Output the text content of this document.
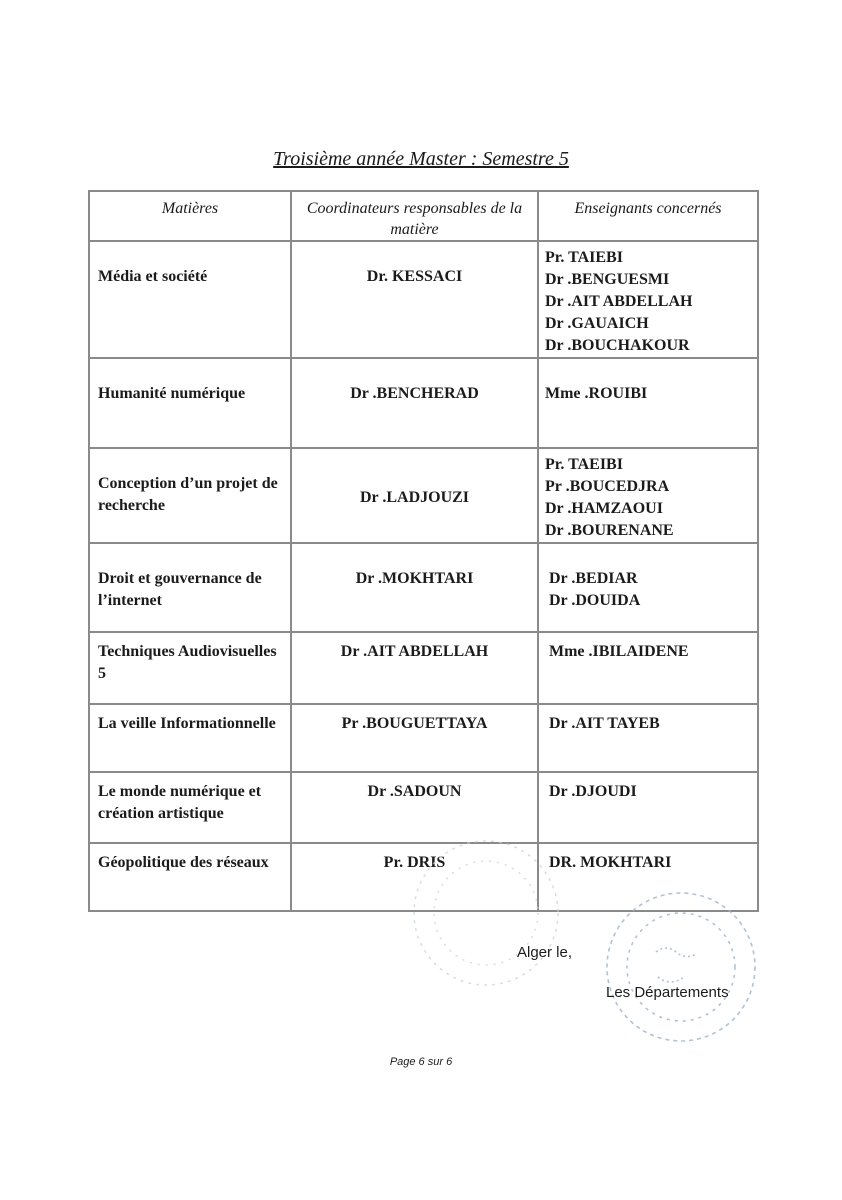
Troisième année Master : Semestre 5
Matières	Coordinateurs responsables de la matière	Enseignants concernés
Média et société	Dr. KESSACI	Pr. TAIEBI
Dr .BENGUESMI
Dr .AIT ABDELLAH
Dr .GAUAICH
Dr .BOUCHAKOUR

Humanité numérique	Dr .BENCHERAD	Mme .ROUIBI

Conception d’un projet de recherche	Dr .LADJOUZI	Pr. TAEIBI
Pr .BOUCEDJRA
Dr .HAMZAOUI
Dr .BOURENANE

Droit et gouvernance de l’internet	Dr .MOKHTARI	Dr .BEDIAR
Dr .DOUIDA

Techniques Audiovisuelles 5	Dr .AIT ABDELLAH	Mme .IBILAIDENE

La veille Informationnelle	Pr .BOUGUETTAYA	Dr .AIT TAYEB

Le monde numérique et création artistique	Dr .SADOUN	Dr .DJOUDI

Géopolitique des réseaux	Pr. DRIS	DR. MOKHTARI
Alger le,
Les Départements
Page 6 sur 6
